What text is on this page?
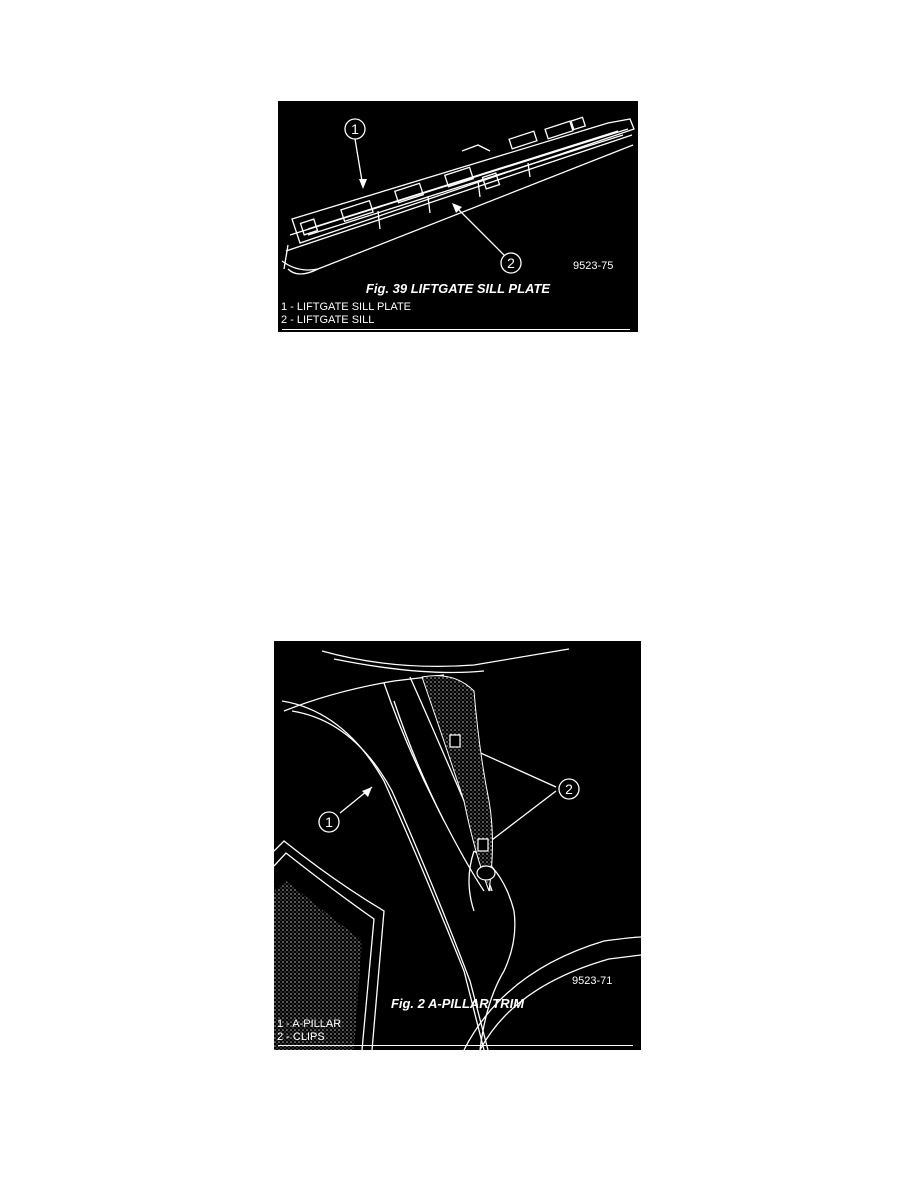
1
2	9523-75
Fig. 39 LIFTGATE SILL PLATE
1 - LIFTGATE SILL PLATE
2 - LIFTGATE SILL
1
2
9523-71
Fig. 2 A-PILLAR TRIM
1 - A-PILLAR
2 - CLIPS
